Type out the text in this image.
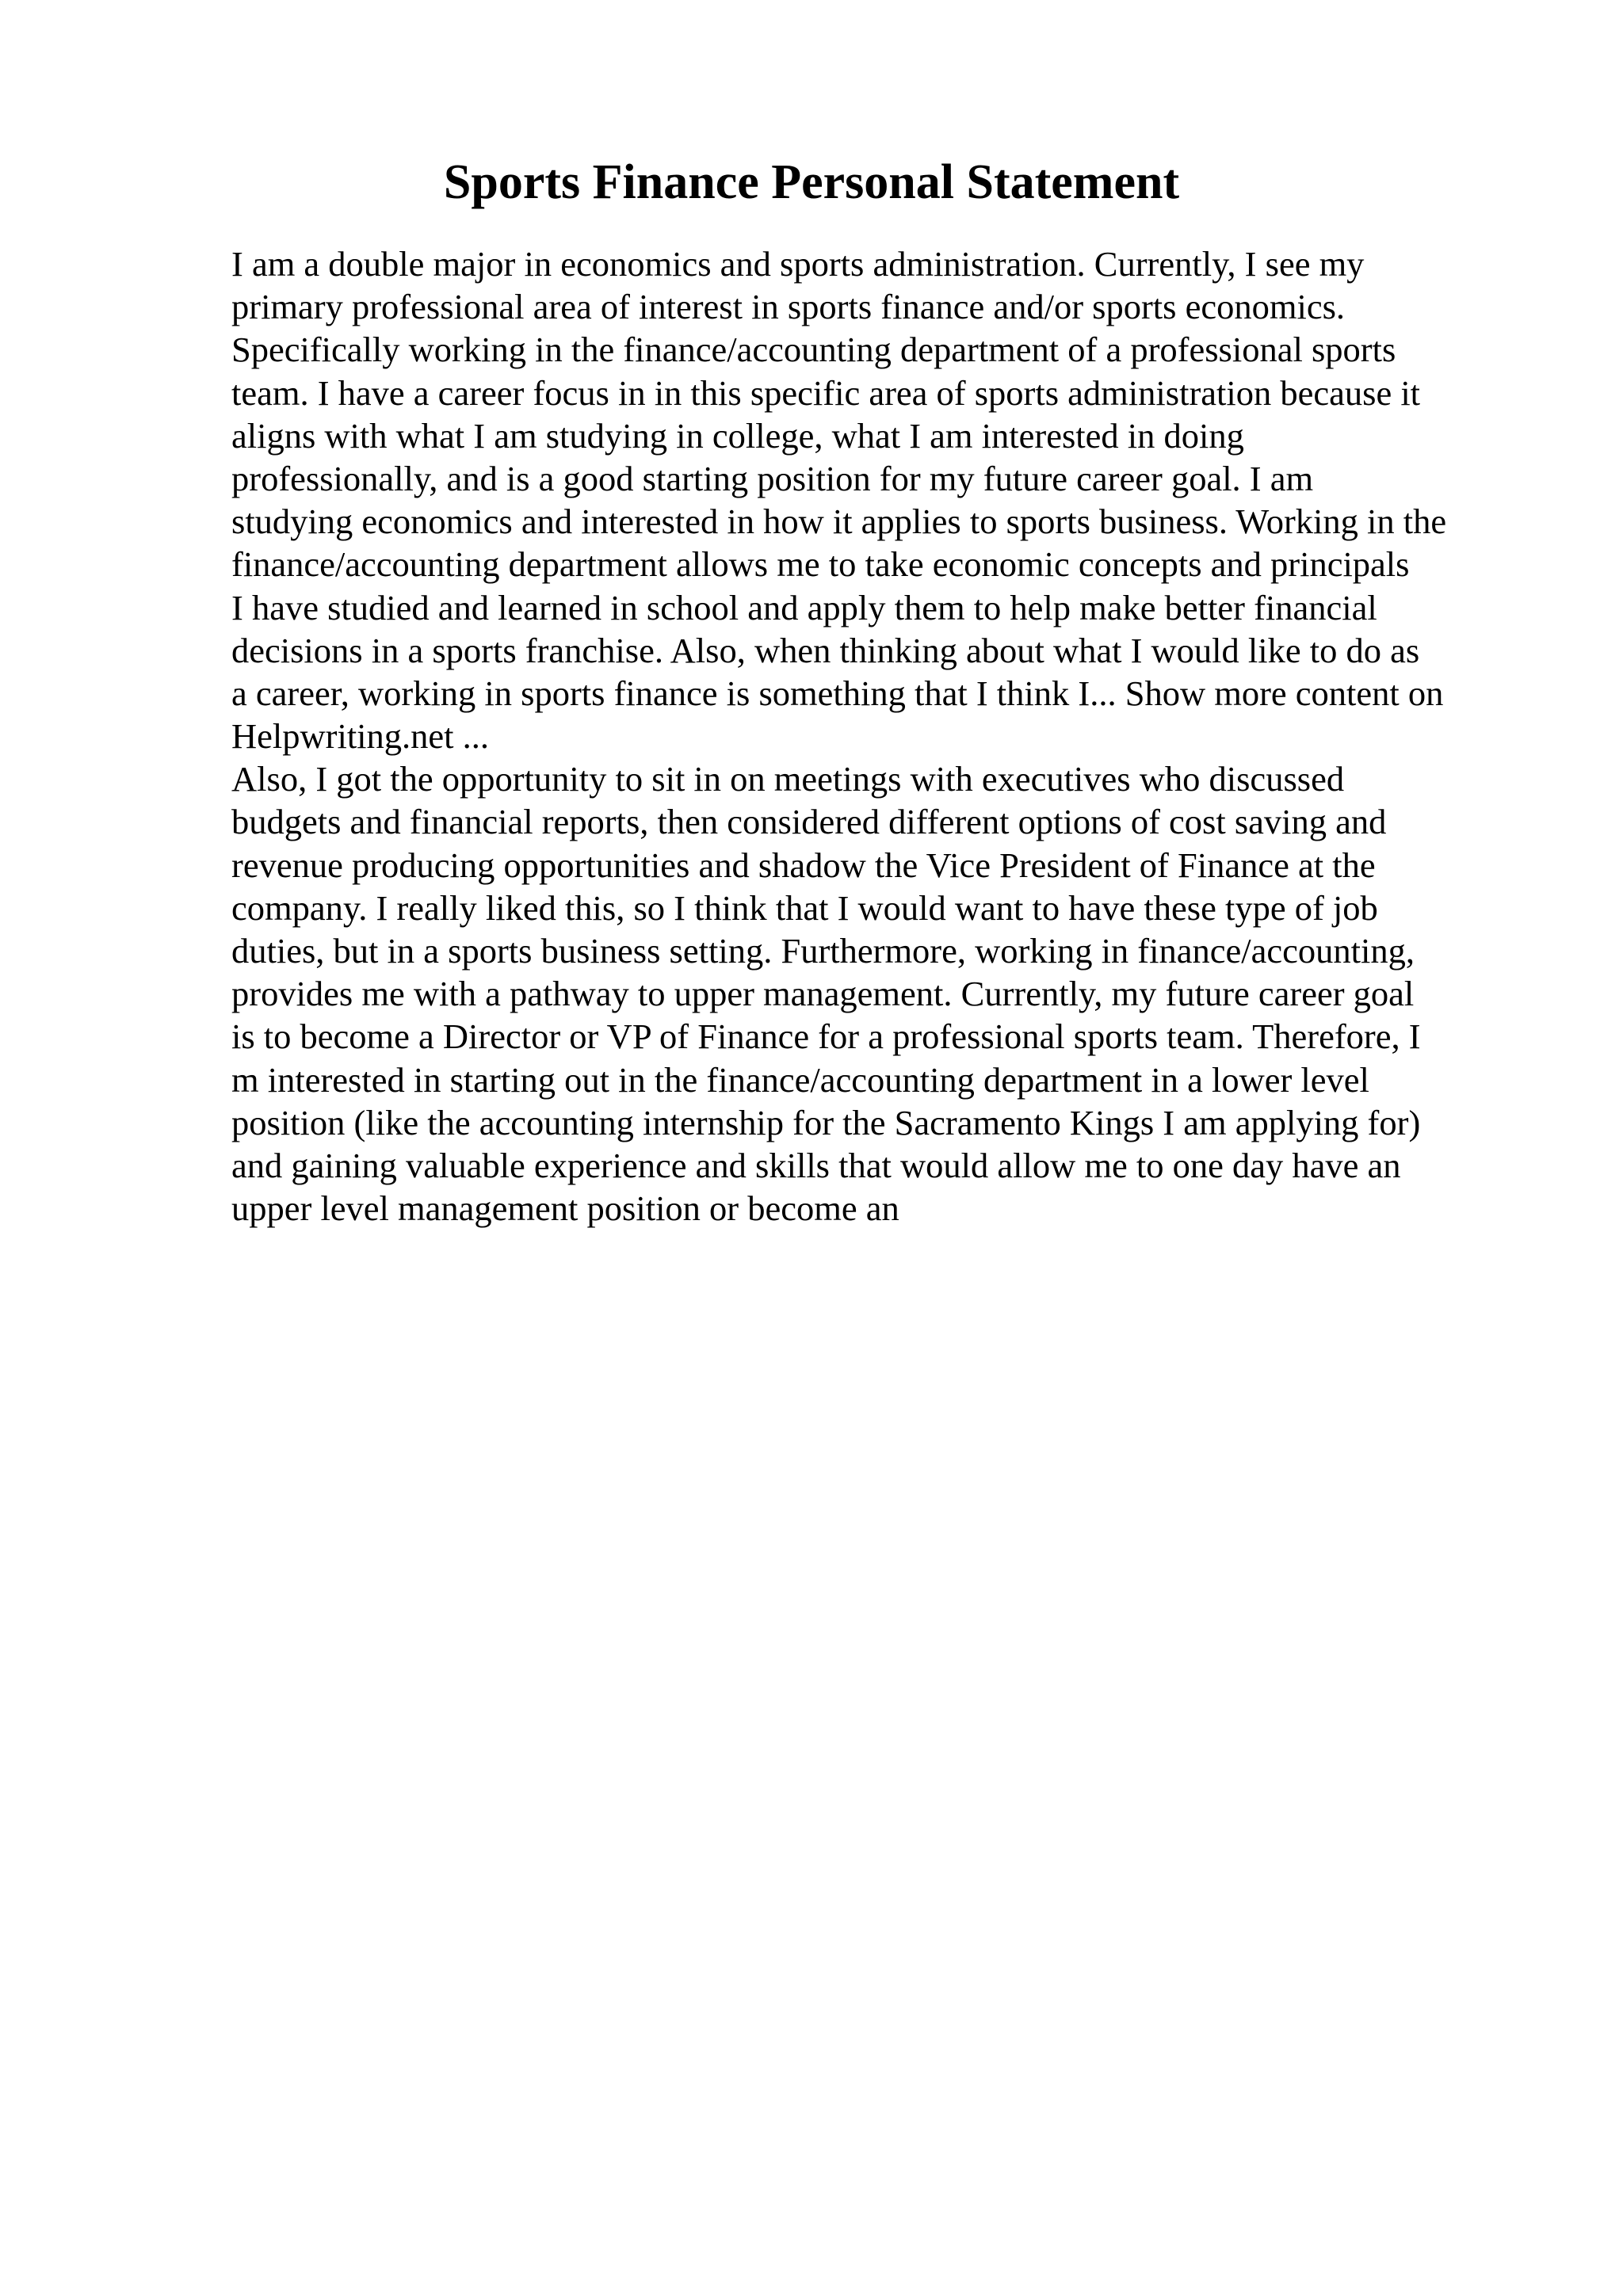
Sports Finance Personal Statement
I am a double major in economics and sports administration. Currently, I see my
primary professional area of interest in sports finance and/or sports economics.
Specifically working in the finance/accounting department of a professional sports
team. I have a career focus in in this specific area of sports administration because it
aligns with what I am studying in college, what I am interested in doing
professionally, and is a good starting position for my future career goal. I am
studying economics and interested in how it applies to sports business. Working in the
finance/accounting department allows me to take economic concepts and principals
I have studied and learned in school and apply them to help make better financial
decisions in a sports franchise. Also, when thinking about what I would like to do as
a career, working in sports finance is something that I think I... Show more content on
Helpwriting.net ...
Also, I got the opportunity to sit in on meetings with executives who discussed
budgets and financial reports, then considered different options of cost saving and
revenue producing opportunities and shadow the Vice President of Finance at the
company. I really liked this, so I think that I would want to have these type of job
duties, but in a sports business setting. Furthermore, working in finance/accounting,
provides me with a pathway to upper management. Currently, my future career goal
is to become a Director or VP of Finance for a professional sports team. Therefore, I
m interested in starting out in the finance/accounting department in a lower level
position (like the accounting internship for the Sacramento Kings I am applying for)
and gaining valuable experience and skills that would allow me to one day have an
upper level management position or become an
